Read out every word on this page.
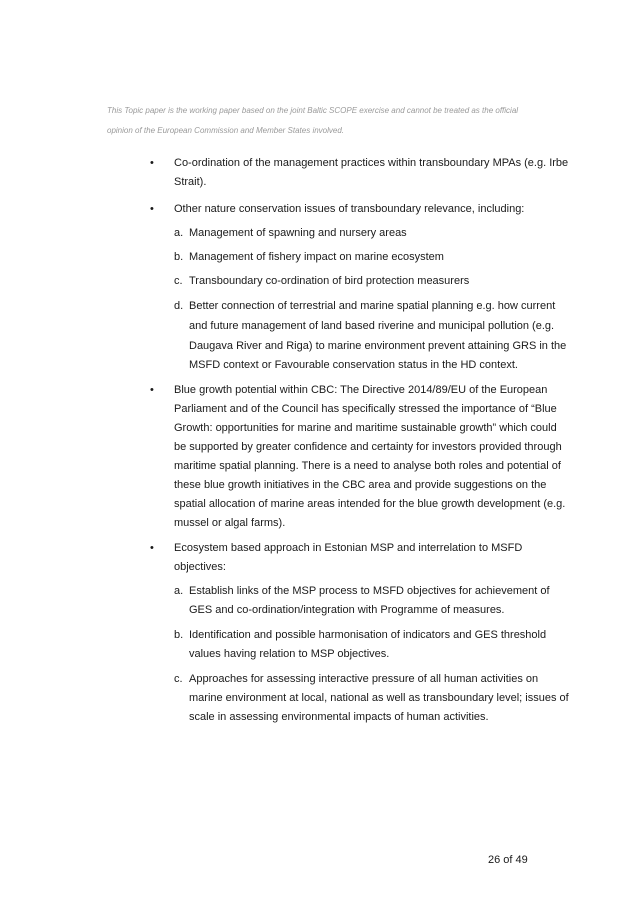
This Topic paper is the working paper based on the joint Baltic SCOPE exercise and cannot be treated as the official
opinion of the European Commission and Member States involved.
• Co-ordination of the management practices within transboundary MPAs (e.g. Irbe
Strait).
• Other nature conservation issues of transboundary relevance, including:
a. Management of spawning and nursery areas
b. Management of fishery impact on marine ecosystem
c. Transboundary co-ordination of bird protection measurers
d. Better connection of terrestrial and marine spatial planning e.g. how current
and future management of land based riverine and municipal pollution (e.g.
Daugava River and Riga) to marine environment prevent attaining GRS in the
MSFD context or Favourable conservation status in the HD context.
• Blue growth potential within CBC: The Directive 2014/89/EU of the European
Parliament and of the Council has specifically stressed the importance of “Blue
Growth: opportunities for marine and maritime sustainable growth” which could
be supported by greater confidence and certainty for investors provided through
maritime spatial planning. There is a need to analyse both roles and potential of
these blue growth initiatives in the CBC area and provide suggestions on the
spatial allocation of marine areas intended for the blue growth development (e.g.
mussel or algal farms).
• Ecosystem based approach in Estonian MSP and interrelation to MSFD
objectives:
a. Establish links of the MSP process to MSFD objectives for achievement of
GES and co-ordination/integration with Programme of measures.
b. Identification and possible harmonisation of indicators and GES threshold
values having relation to MSP objectives.
c. Approaches for assessing interactive pressure of all human activities on
marine environment at local, national as well as transboundary level; issues of
scale in assessing environmental impacts of human activities.
26 of 49
